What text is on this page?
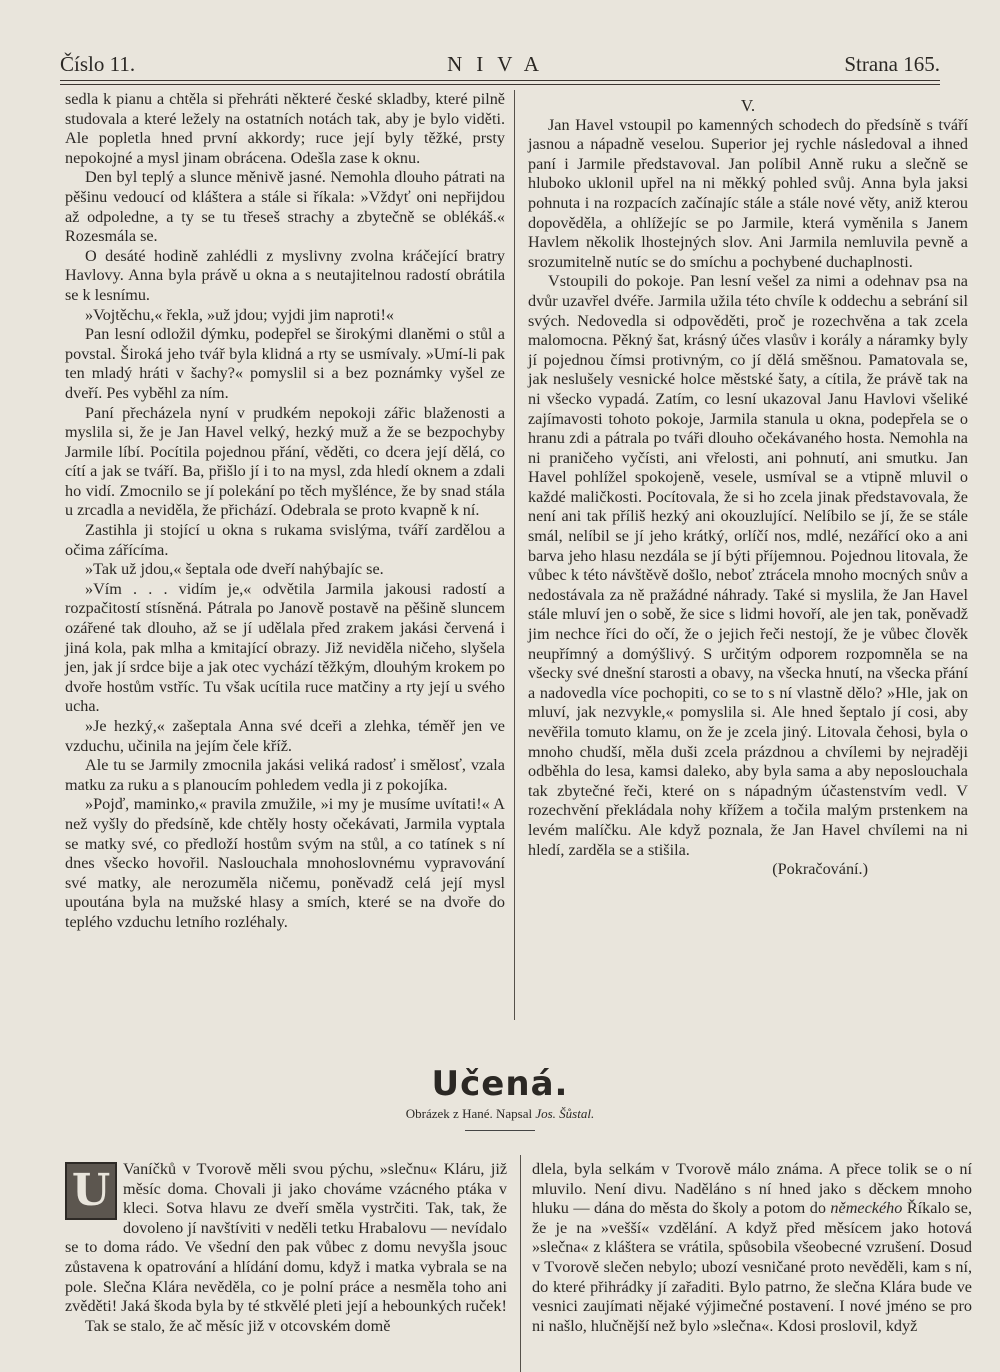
Číslo 11.	NIVA	Strana 165.

sedla k pianu a chtěla si přehráti některé české skladby, které pilně studovala a které ležely na ostatních notách tak, aby je bylo viděti. Ale popletla hned první akkordy; ruce její byly těžké, prsty nepokojné a mysl jinam obrácena. Odešla zase k oknu.

Den byl teplý a slunce měnivě jasné. Nemohla dlouho pátrati na pěšinu vedoucí od kláštera a stále si říkala: »Vždyť oni nepřijdou až odpoledne, a ty se tu třeseš strachy a zbytečně se oblékáš.« Rozesmála se.

O desáté hodině zahlédli z myslivny zvolna kráčející bratry Havlovy. Anna byla právě u okna a s neutajitelnou radostí obrátila se k lesnímu.

»Vojtěchu,« řekla, »už jdou; vyjdi jim naproti!«

Pan lesní odložil dýmku, podepřel se širokými dlaněmi o stůl a povstal. Široká jeho tvář byla klidná a rty se usmívaly. »Umí-li pak ten mladý hráti v šachy?« pomyslil si a bez poznámky vyšel ze dveří. Pes vyběhl za ním.

Paní přecházela nyní v prudkém nepokoji zářic blaženosti a myslila si, že je Jan Havel velký, hezký muž a že se bezpochyby Jarmile líbí. Pocítila pojednou přání, věděti, co dcera její dělá, co cítí a jak se tváří. Ba, přišlo jí i to na mysl, zda hledí oknem a zdali ho vidí. Zmocnilo se jí polekání po těch myšlénce, že by snad stála u zrcadla a neviděla, že přichází. Odebrala se proto kvapně k ní.

Zastihla ji stojící u okna s rukama svislýma, tváří zardělou a očima zářícíma.

»Tak už jdou,« šeptala ode dveří nahýbajíc se.

»Vím . . . vidím je,« odvětila Jarmila jakousi radostí a rozpačitostí stísněná. Pátrala po Janově postavě na pěšině sluncem ozářené tak dlouho, až se jí udělala před zrakem jakási červená i jiná kola, pak mlha a kmitající obrazy. Již neviděla ničeho, slyšela jen, jak jí srdce bije a jak otec vychází těžkým, dlouhým krokem po dvoře hostům vstříc. Tu však ucítila ruce matčiny a rty její u svého ucha.

»Je hezký,« zašeptala Anna své dceři a zlehka, téměř jen ve vzduchu, učinila na jejím čele kříž.

Ale tu se Jarmily zmocnila jakási veliká radosť i smělosť, vzala matku za ruku a s planoucím pohledem vedla ji z pokojíka.

»Pojď, maminko,« pravila zmužile, »i my je musíme uvítati!« A než vyšly do předsíně, kde chtěly hosty očekávati, Jarmila vyptala se matky své, co předloží hostům svým na stůl, a co tatínek s ní dnes všecko hovořil. Naslouchala mnohoslovnému vypravování své matky, ale nerozuměla ničemu, poněvadž celá její mysl upoutána byla na mužské hlasy a smích, které se na dvoře do teplého vzduchu letního rozléhaly.

V.

Jan Havel vstoupil po kamenných schodech do předsíně s tváří jasnou a nápadně veselou. Superior jej rychle následoval a ihned paní i Jarmile představoval. Jan políbil Anně ruku a slečně se hluboko uklonil upřel na ni měkký pohled svůj. Anna byla jaksi pohnuta i na rozpacích začínajíc stále a stále nové věty, aniž kterou dopověděla, a ohlížejíc se po Jarmile, která vyměnila s Janem Havlem několik lhostejných slov. Ani Jarmila nemluvila pevně a srozumitelně nutíc se do smíchu a pochybené duchaplnosti.

Vstoupili do pokoje. Pan lesní vešel za nimi a odehnav psa na dvůr uzavřel dvéře. Jarmila užila této chvíle k oddechu a sebrání sil svých. Nedovedla si odpověděti, proč je rozechvěna a tak zcela malomocna. Pěkný šat, krásný účes vlasův i korály a náramky byly jí pojednou čímsi protivným, co jí dělá směšnou. Pamatovala se, jak neslušely vesnické holce městské šaty, a cítila, že právě tak na ni všecko vypadá. Zatím, co lesní ukazoval Janu Havlovi všeliké zajímavosti tohoto pokoje, Jarmila stanula u okna, podepřela se o hranu zdi a pátrala po tváři dlouho očekávaného hosta. Nemohla na ni praničeho vyčísti, ani vřelosti, ani pohnutí, ani smutku. Jan Havel pohlížel spokojeně, vesele, usmíval se a vtipně mluvil o každé maličkosti. Pocítovala, že si ho zcela jinak představovala, že není ani tak příliš hezký ani okouzlující. Nelíbilo se jí, že se stále smál, nelíbil se jí jeho krátký, orlíčí nos, mdlé, nezářící oko a ani barva jeho hlasu nezdála se jí býti příjemnou. Pojednou litovala, že vůbec k této návštěvě došlo, neboť ztrácela mnoho mocných snův a nedostávala za ně pražádné náhrady. Také si myslila, že Jan Havel stále mluví jen o sobě, že sice s lidmi hovoří, ale jen tak, poněvadž jim nechce říci do očí, že o jejich řeči nestojí, že je vůbec člověk neupřímný a domýšlivý. S určitým odporem rozpomněla se na všecky své dnešní starosti a obavy, na všecka hnutí, na všecka přání a nadovedla více pochopiti, co se to s ní vlastně dělo? »Hle, jak on mluví, jak nezvykle,« pomyslila si. Ale hned šeptalo jí cosi, aby nevěřila tomuto klamu, on že je zcela jiný. Litovala čehosi, byla o mnoho chudší, měla duši zcela prázdnou a chvílemi by nejraději odběhla do lesa, kamsi daleko, aby byla sama a aby neposlouchala tak zbytečné řeči, které on s nápadným účastenstvím vedl. V rozechvění překládala nohy křížem a točila malým prstenkem na levém malíčku. Ale když poznala, že Jan Havel chvílemi na ni hledí, zarděla se a stišila.

(Pokračování.)

Učená.
Obrázek z Hané. Napsal Jos. Šůstal.
U Vaníčků v Tvorově měli svou pýchu, »slečnu« Kláru, již měsíc doma. Chovali ji jako chováme vzácného ptáka v kleci. Sotva hlavu ze dveří směla vystrčiti. Tak, tak, že dovoleno jí navštíviti v neděli tetku Hrabalovu — nevídalo se to doma rádo. Ve všední den pak vůbec z domu nevyšla jsouc zůstavena k opatrování a hlídání domu, když i matka vybrala se na pole. Slečna Klára nevěděla, co je polní práce a nesměla toho ani zvěděti! Jaká škoda byla by té stkvělé pleti její a hebounkých ruček!

Tak se stalo, že ač měsíc již v otcovském domě

dlela, byla selkám v Tvorově málo známa. A přece tolik se o ní mluvilo. Není divu. Naděláno s ní hned jako s děckem mnoho hluku — dána do města do školy a potom do německého Říkalo se, že je na »vešší« vzdělání. A když před měsícem jako hotová »slečna« z kláštera se vrátila, spůsobila všeobecné vzrušení. Dosud v Tvorově slečen nebylo; ubozí vesničané proto nevěděli, kam s ní, do které přihrádky jí zařaditi. Bylo patrno, že slečna Klára bude ve vesnici zaujímati nějaké výjimečné postavení. I nové jméno se pro ni našlo, hlučnější než bylo »slečna«. Kdosi proslovil, když
